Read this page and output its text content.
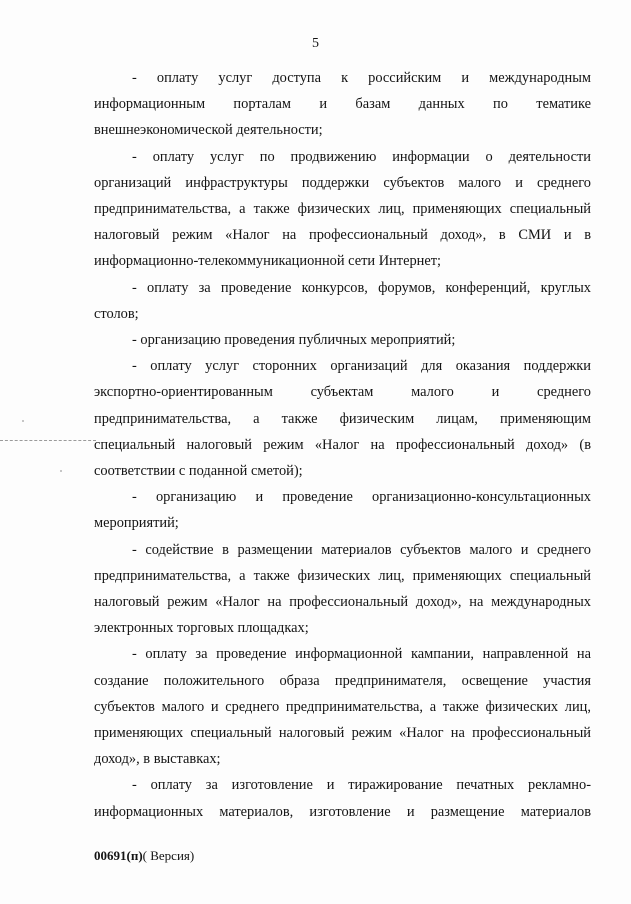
5
- оплату услуг доступа к российским и международным
информационным порталам и базам данных по тематике
внешнеэкономической деятельности;
- оплату услуг по продвижению информации о деятельности
организаций инфраструктуры поддержки субъектов малого и среднего
предпринимательства, а также физических лиц, применяющих специальный
налоговый режим «Налог на профессиональный доход», в СМИ и в
информационно-телекоммуникационной сети Интернет;
- оплату за проведение конкурсов, форумов, конференций, круглых
столов;
- организацию проведения публичных мероприятий;
- оплату услуг сторонних организаций для оказания поддержки
экспортно-ориентированным субъектам малого и среднего
предпринимательства, а также физическим лицам, применяющим
специальный налоговый режим «Налог на профессиональный доход» (в
соответствии с поданной сметой);
- организацию и проведение организационно-консультационных
мероприятий;
- содействие в размещении материалов субъектов малого и среднего
предпринимательства, а также физических лиц, применяющих специальный
налоговый режим «Налог на профессиональный доход», на международных
электронных торговых площадках;
- оплату за проведение информационной кампании, направленной на
создание положительного образа предпринимателя, освещение участия
субъектов малого и среднего предпринимательства, а также физических лиц,
применяющих специальный налоговый режим «Налог на профессиональный
доход», в выставках;
- оплату за изготовление и тиражирование печатных рекламно-
информационных материалов, изготовление и размещение материалов
00691(п)( Версия)
